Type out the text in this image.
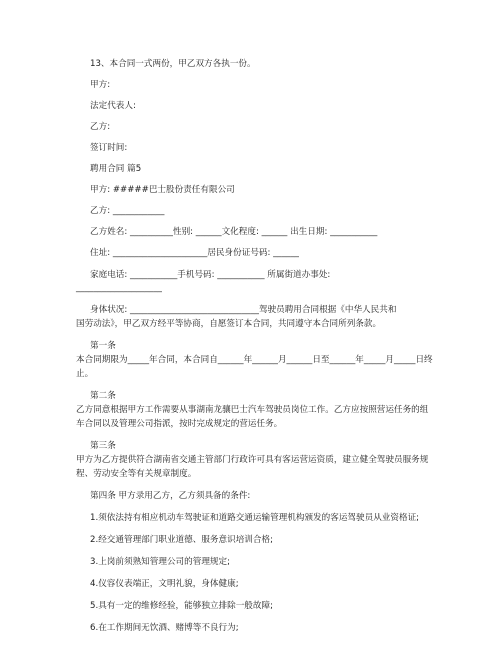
13、本合同一式两份，甲乙双方各执一份。
甲方:
法定代表人:
乙方:
签订时间:
聘用合同 篇5
甲方: #####巴士股份责任有限公司
乙方: ____________
乙方姓名: __________性别: ______文化程度: ______ 出生日期: ___________
住址: ______________________居民身份证号码: ______
家庭电话: ___________手机号码: ___________ 所属街道办事处:
____________________
身体状况: ______________________________驾驶员聘用合同根据《中华人民共和
国劳动法》，甲乙双方经平等协商，自愿签订本合同，共同遵守本合同所列条款。
第一条
本合同期限为_____年合同，本合同自______年______月______日至______年_____月_____日终
止。
第二条
乙方同意根据甲方工作需要从事湖南龙骧巴士汽车驾驶员岗位工作。乙方应按照营运任务的组
车合同以及管理公司指派，按时完成规定的营运任务。
第三条
甲方为乙方提供符合湖南省交通主管部门行政许可具有客运营运资质，建立健全驾驶员服务规
程、劳动安全等有关规章制度。
第四条 甲方录用乙方，乙方须具备的条件:
1.须依法持有相应机动车驾驶证和道路交通运输管理机构颁发的客运驾驶员从业资格证;
2.经交通管理部门职业道德、服务意识培训合格;
3.上岗前须熟知管理公司的管理规定;
4.仪容仪表端正，文明礼貌，身体健康;
5.具有一定的维修经验，能够独立排除一般故障;
6.在工作期间无饮酒、赌博等不良行为;
